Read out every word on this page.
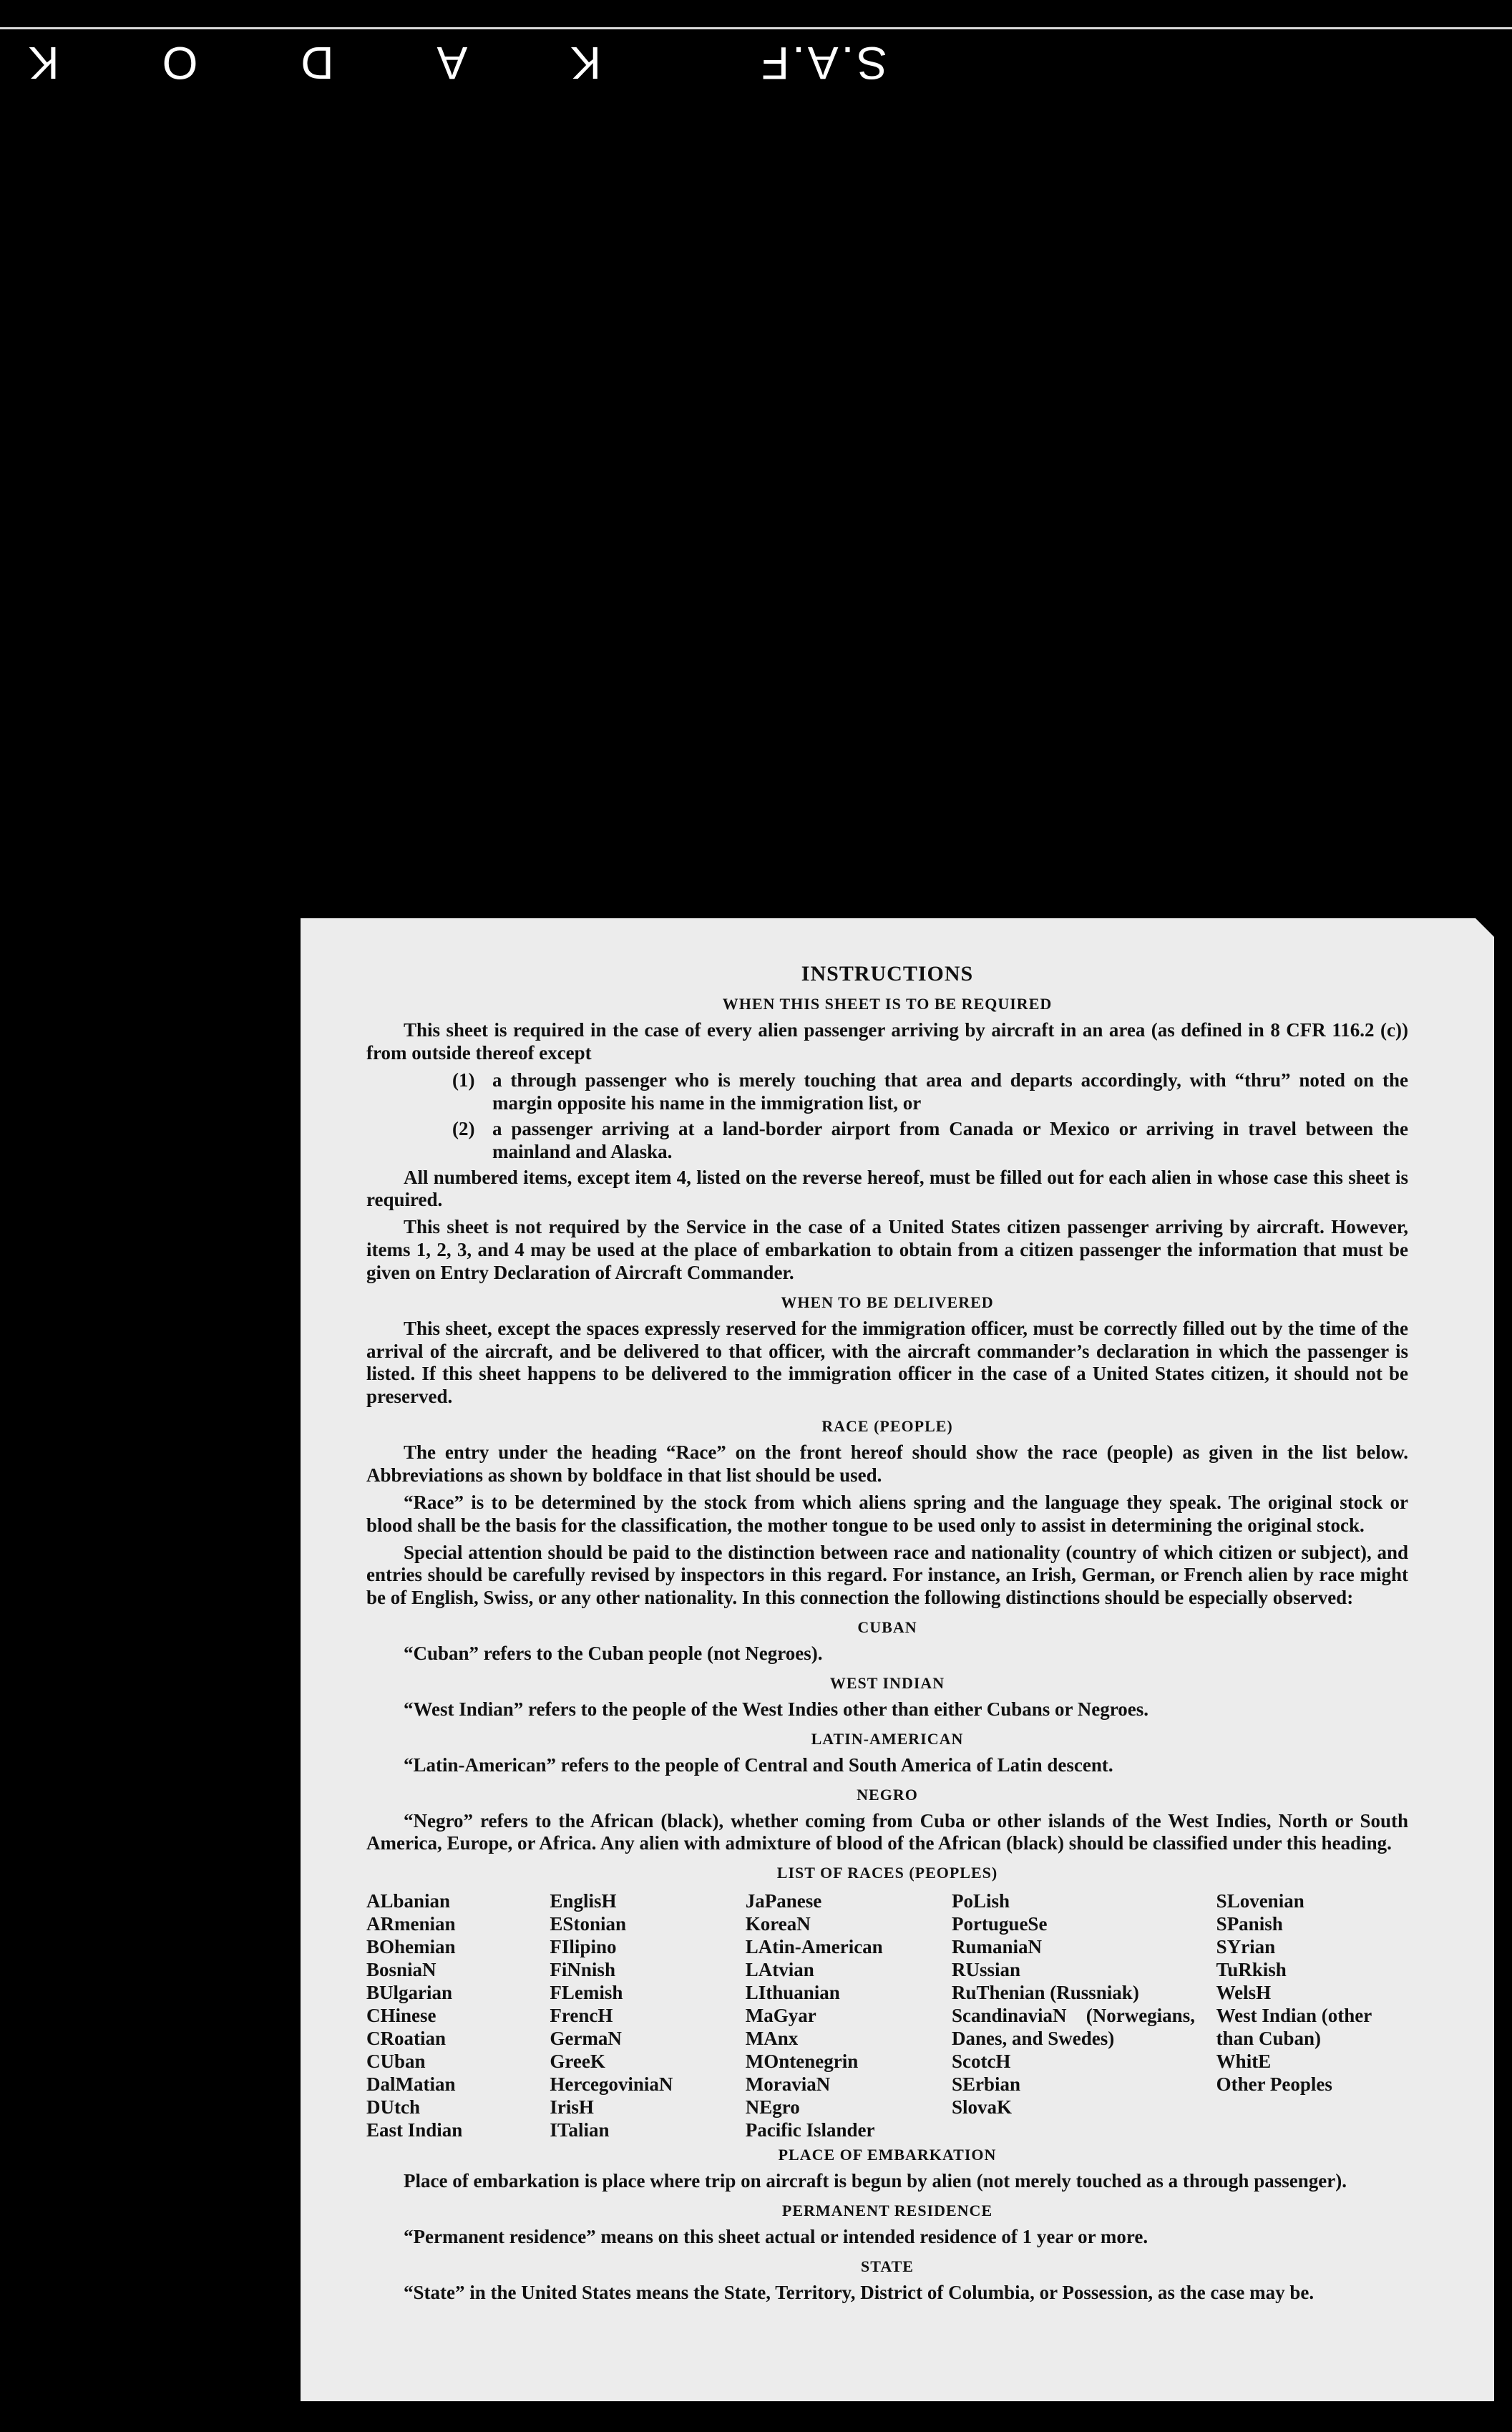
S.A.F
K
A
D
O
K
INSTRUCTIONS
WHEN THIS SHEET IS TO BE REQUIRED

This sheet is required in the case of every alien passenger arriving by aircraft in an area (as defined in 8 CFR 116.2 (c)) from outside thereof except

(1) a through passenger who is merely touching that area and departs accordingly, with “thru” noted on the margin opposite his name in the immigration list, or
(2) a passenger arriving at a land-border airport from Canada or Mexico or arriving in travel between the mainland and Alaska.

All numbered items, except item 4, listed on the reverse hereof, must be filled out for each alien in whose case this sheet is required.

This sheet is not required by the Service in the case of a United States citizen passenger arriving by aircraft. However, items 1, 2, 3, and 4 may be used at the place of embarkation to obtain from a citizen passenger the information that must be given on Entry Declaration of Aircraft Commander.

WHEN TO BE DELIVERED

This sheet, except the spaces expressly reserved for the immigration officer, must be correctly filled out by the time of the arrival of the aircraft, and be delivered to that officer, with the aircraft commander’s declaration in which the passenger is listed. If this sheet happens to be delivered to the immigration officer in the case of a United States citizen, it should not be preserved.

RACE (PEOPLE)

The entry under the heading “Race” on the front hereof should show the race (people) as given in the list below. Abbreviations as shown by boldface in that list should be used.

“Race” is to be determined by the stock from which aliens spring and the language they speak. The original stock or blood shall be the basis for the classification, the mother tongue to be used only to assist in determining the original stock.

Special attention should be paid to the distinction between race and nationality (country of which citizen or subject), and entries should be carefully revised by inspectors in this regard. For instance, an Irish, German, or French alien by race might be of English, Swiss, or any other nationality. In this connection the following distinctions should be especially observed:

CUBAN
“Cuban” refers to the Cuban people (not Negroes).
WEST INDIAN
“West Indian” refers to the people of the West Indies other than either Cubans or Negroes.
LATIN-AMERICAN
“Latin-American” refers to the people of Central and South America of Latin descent.
NEGRO

“Negro” refers to the African (black), whether coming from Cuba or other islands of the West Indies, North or South America, Europe, or Africa. Any alien with admixture of blood of the African (black) should be classified under this heading.

LIST OF RACES (PEOPLES)
ALbanian
ARmenian
BOhemian
BosniaN
BUlgarian
CHinese
CRoatian
CUban
DalMatian
DUtch
East Indian
EnglisH
EStonian
FIlipino
FiNnish
FLemish
FrencH
GermaN
GreeK
HercegoviniaN
IrisH
ITalian
JaPanese
KoreaN
LAtin-American
LAtvian
LIthuanian
MaGyar
MAnx
MOntenegrin
MoraviaN
NEgro
Pacific Islander
PoLish
PortugueSe
RumaniaN
RUssian
RuThenian (Russniak)
ScandinaviaN (Norwegians, Danes, and Swedes)
ScotcH
SErbian
SlovaK
SLovenian
SPanish
SYrian
TuRkish
WelsH
West Indian (other than Cuban)
WhitE
Other Peoples
PLACE OF EMBARKATION

Place of embarkation is place where trip on aircraft is begun by alien (not merely touched as a through passenger).

PERMANENT RESIDENCE
“Permanent residence” means on this sheet actual or intended residence of 1 year or more.
STATE

“State” in the United States means the State, Territory, District of Columbia, or Possession, as the case may be.
